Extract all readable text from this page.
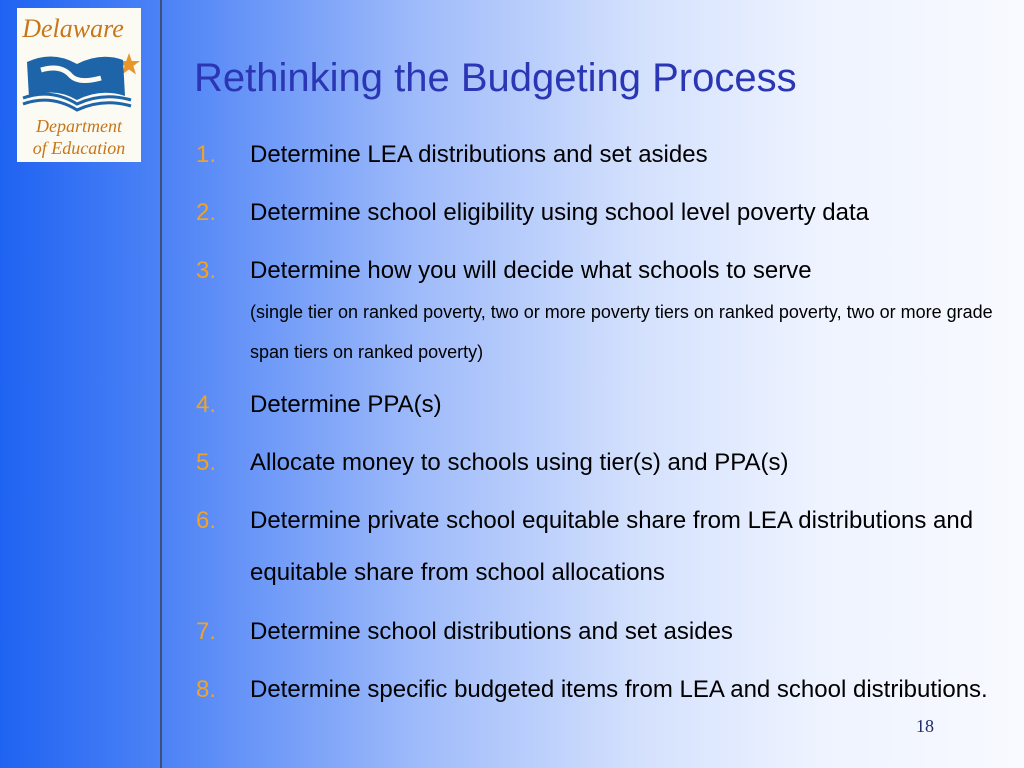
Delaware
Department
of Education
Rethinking the Budgeting Process
1.	Determine LEA distributions and set asides
2.	Determine school eligibility using school level poverty data
3.	Determine how you will decide what schools to serve
(single tier on ranked poverty, two or more poverty tiers on ranked poverty, two or more grade span tiers on ranked poverty)
4.	Determine PPA(s)
5.	Allocate money to schools using tier(s) and PPA(s)
6.	Determine private school equitable share from LEA distributions and equitable share from school allocations
7.	Determine school distributions and set asides
8.	Determine specific budgeted items from LEA and school distributions.
18
